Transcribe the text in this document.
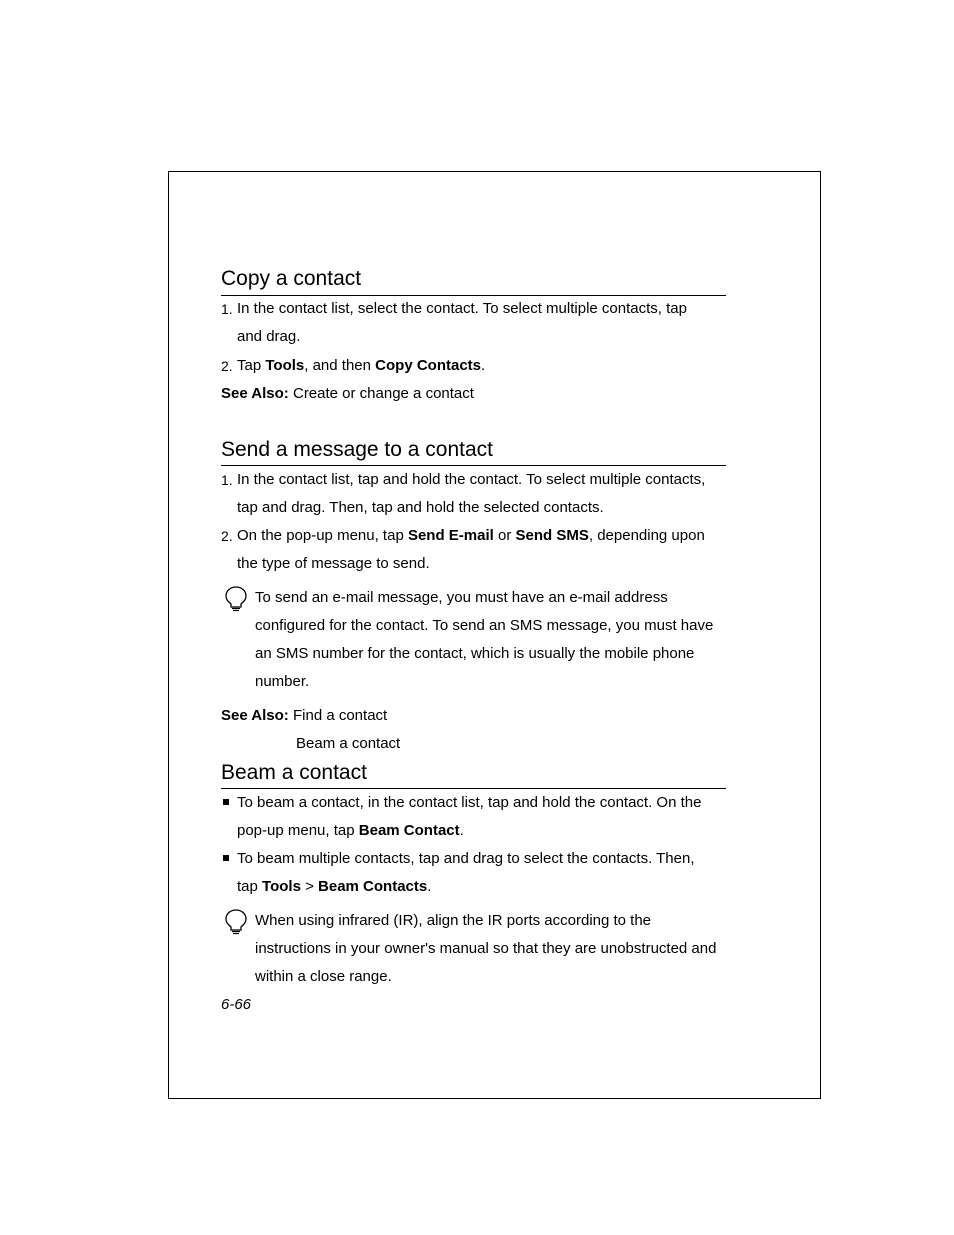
Copy a contact
1. In the contact list, select the contact. To select multiple contacts, tap
and drag.
2. Tap Tools, and then Copy Contacts.
See Also: Create or change a contact
Send a message to a contact
1. In the contact list, tap and hold the contact. To select multiple contacts,
tap and drag. Then, tap and hold the selected contacts.
2. On the pop-up menu, tap Send E-mail or Send SMS, depending upon
the type of message to send.
To send an e-mail message, you must have an e-mail address
configured for the contact. To send an SMS message, you must have
an SMS number for the contact, which is usually the mobile phone
number.
See Also: Find a contact
Beam a contact
Beam a contact
To beam a contact, in the contact list, tap and hold the contact. On the
pop-up menu, tap Beam Contact.
To beam multiple contacts, tap and drag to select the contacts. Then,
tap Tools > Beam Contacts.
When using infrared (IR), align the IR ports according to the
instructions in your owner's manual so that they are unobstructed and
within a close range.
6-66
